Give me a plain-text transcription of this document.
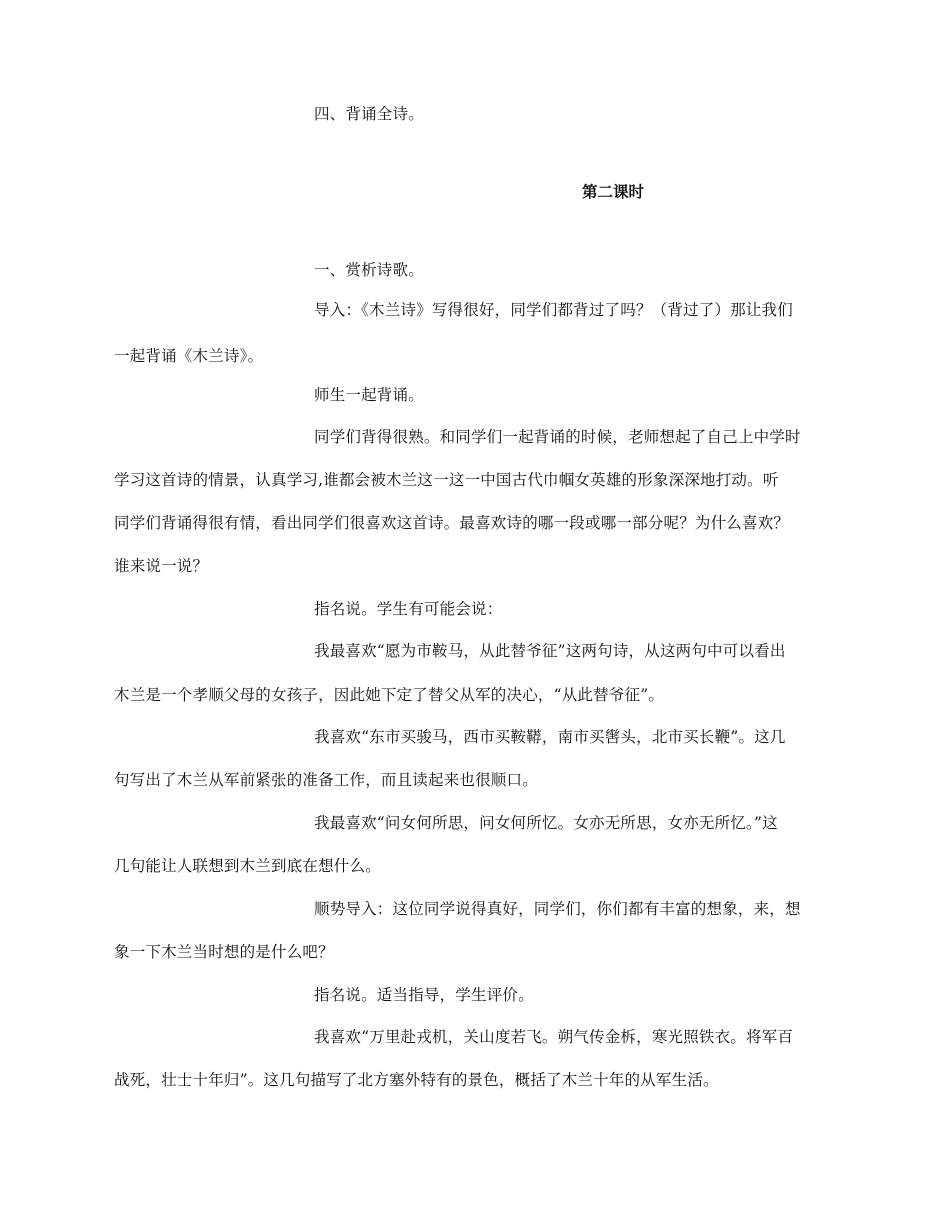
四、背诵全诗。
第二课时
一、赏析诗歌。
导入：《木兰诗》写得很好，同学们都背过了吗？（背过了）那让我们
一起背诵《木兰诗》。
师生一起背诵。
同学们背得很熟。和同学们一起背诵的时候，老师想起了自己上中学时
学习这首诗的情景，认真学习,谁都会被木兰这一这一中国古代巾帼女英雄的形象深深地打动。听
同学们背诵得很有情，看出同学们很喜欢这首诗。最喜欢诗的哪一段或哪一部分呢？为什么喜欢？
谁来说一说？
指名说。学生有可能会说：
我最喜欢“愿为市鞍马，从此替爷征”这两句诗，从这两句中可以看出
木兰是一个孝顺父母的女孩子，因此她下定了替父从军的决心，“从此替爷征”。
我喜欢“东市买骏马，西市买鞍鞯，南市买辔头，北市买长鞭”。这几
句写出了木兰从军前紧张的准备工作，而且读起来也很顺口。
我最喜欢“问女何所思，问女何所忆。女亦无所思，女亦无所忆。”这
几句能让人联想到木兰到底在想什么。
顺势导入：这位同学说得真好，同学们，你们都有丰富的想象，来，想
象一下木兰当时想的是什么吧？
指名说。适当指导，学生评价。
我喜欢“万里赴戎机，关山度若飞。朔气传金柝，寒光照铁衣。将军百
战死，壮士十年归”。这几句描写了北方塞外特有的景色，概括了木兰十年的从军生活。
